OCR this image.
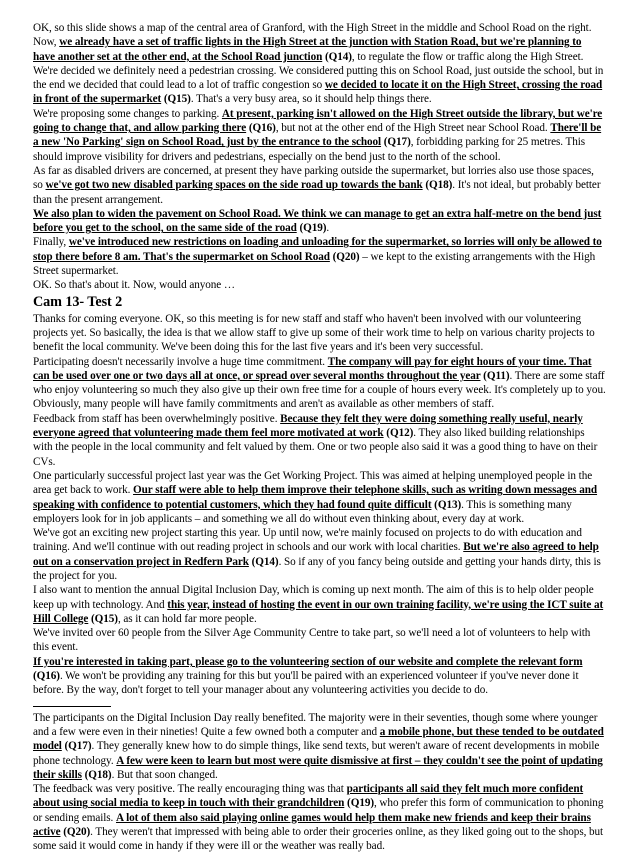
OK, so this slide shows a map of the central area of Granford, with the High Street in the middle and School Road on the right. Now, we already have a set of traffic lights in the High Street at the junction with Station Road, but we're planning to have another set at the other end, at the School Road junction (Q14), to regulate the flow or traffic along the High Street. We're decided we definitely need a pedestrian crossing. We considered putting this on School Road, just outside the school, but in the end we decided that could lead to a lot of traffic congestion so we decided to locate it on the High Street, crossing the road in front of the supermarket (Q15). That's a very busy area, so it should help things there.

We're proposing some changes to parking. At present, parking isn't allowed on the High Street outside the library, but we're going to change that, and allow parking there (Q16), but not at the other end of the High Street near School Road. There'll be a new 'No Parking' sign on School Road, just by the entrance to the school (Q17), forbidding parking for 25 metres. This should improve visibility for drivers and pedestrians, especially on the bend just to the north of the school.

As far as disabled drivers are concerned, at present they have parking outside the supermarket, but lorries also use those spaces, so we've got two new disabled parking spaces on the side road up towards the bank (Q18). It's not ideal, but probably better than the present arrangement.

We also plan to widen the pavement on School Road. We think we can manage to get an extra half-metre on the bend just before you get to the school, on the same side of the road (Q19).

Finally, we've introduced new restrictions on loading and unloading for the supermarket, so lorries will only be allowed to stop there before 8 am. That's the supermarket on School Road (Q20) – we kept to the existing arrangements with the High Street supermarket.

OK. So that's about it. Now, would anyone …

Cam 13- Test 2

Thanks for coming everyone. OK, so this meeting is for new staff and staff who haven't been involved with our volunteering projects yet. So basically, the idea is that we allow staff to give up some of their work time to help on various charity projects to benefit the local community. We've been doing this for the last five years and it's been very successful.

Participating doesn't necessarily involve a huge time commitment. The company will pay for eight hours of your time. That can be used over one or two days all at once, or spread over several months throughout the year (Q11). There are some staff who enjoy volunteering so much they also give up their own free time for a couple of hours every week. It's completely up to you. Obviously, many people will have family commitments and aren't as available as other members of staff.

Feedback from staff has been overwhelmingly positive. Because they felt they were doing something really useful, nearly everyone agreed that volunteering made them feel more motivated at work (Q12). They also liked building relationships with the people in the local community and felt valued by them. One or two people also said it was a good thing to have on their CVs.

One particularly successful project last year was the Get Working Project. This was aimed at helping unemployed people in the area get back to work. Our staff were able to help them improve their telephone skills, such as writing down messages and speaking with confidence to potential customers, which they had found quite difficult (Q13). This is something many employers look for in job applicants – and something we all do without even thinking about, every day at work.

We've got an exciting new project starting this year. Up until now, we're mainly focused on projects to do with education and training. And we'll continue with out reading project in schools and our work with local charities. But we're also agreed to help out on a conservation project in Redfern Park (Q14). So if any of you fancy being outside and getting your hands dirty, this is the project for you.

I also want to mention the annual Digital Inclusion Day, which is coming up next month. The aim of this is to help older people keep up with technology. And this year, instead of hosting the event in our own training facility, we're using the ICT suite at Hill College (Q15), as it can hold far more people.

We've invited over 60 people from the Silver Age Community Centre to take part, so we'll need a lot of volunteers to help with this event.

If you're interested in taking part, please go to the volunteering section of our website and complete the relevant form (Q16). We won't be providing any training for this but you'll be paired with an experienced volunteer if you've never done it before. By the way, don't forget to tell your manager about any volunteering activities you decide to do.

The participants on the Digital Inclusion Day really benefited. The majority were in their seventies, though some where younger and a few were even in their nineties! Quite a few owned both a computer and a mobile phone, but these tended to be outdated model (Q17). They generally knew how to do simple things, like send texts, but weren't aware of recent developments in mobile phone technology. A few were keen to learn but most were quite dismissive at first – they couldn't see the point of updating their skills (Q18). But that soon changed.

The feedback was very positive. The really encouraging thing was that participants all said they felt much more confident about using social media to keep in touch with their grandchildren (Q19), who prefer this form of communication to phoning or sending emails. A lot of them also said playing online games would help them make new friends and keep their brains active (Q20). They weren't that impressed with being able to order their groceries online, as they liked going out to the shops, but some said it would come in handy if they were ill or the weather was really bad.
